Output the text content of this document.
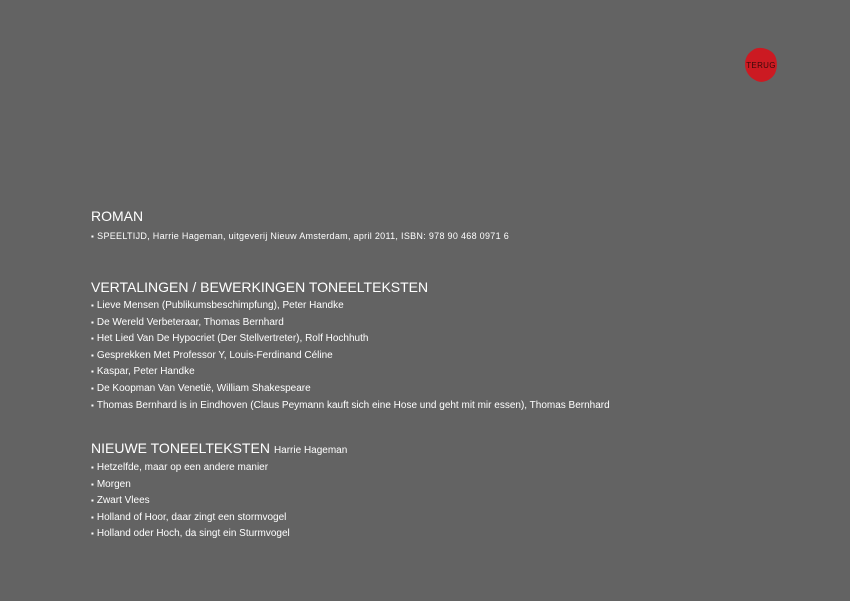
TERUG
ROMAN
▪ SPEELTIJD, Harrie Hageman, uitgeverij Nieuw Amsterdam, april 2011, ISBN: 978 90 468 0971 6
VERTALINGEN / BEWERKINGEN TONEELTEKSTEN
▪ Lieve Mensen (Publikumsbeschimpfung), Peter Handke
▪ De Wereld Verbeteraar, Thomas Bernhard
▪ Het Lied Van De Hypocriet (Der Stellvertreter), Rolf Hochhuth
▪ Gesprekken Met Professor Y, Louis-Ferdinand Céline
▪ Kaspar, Peter Handke
▪ De Koopman Van Venetië, William Shakespeare
▪ Thomas Bernhard is in Eindhoven (Claus Peymann kauft sich eine Hose und geht mit mir essen), Thomas Bernhard
NIEUWE TONEELTEKSTEN Harrie Hageman
▪ Hetzelfde, maar op een andere manier
▪ Morgen
▪ Zwart Vlees
▪ Holland of Hoor, daar zingt een stormvogel
▪ Holland oder Hoch, da singt ein Sturmvogel
